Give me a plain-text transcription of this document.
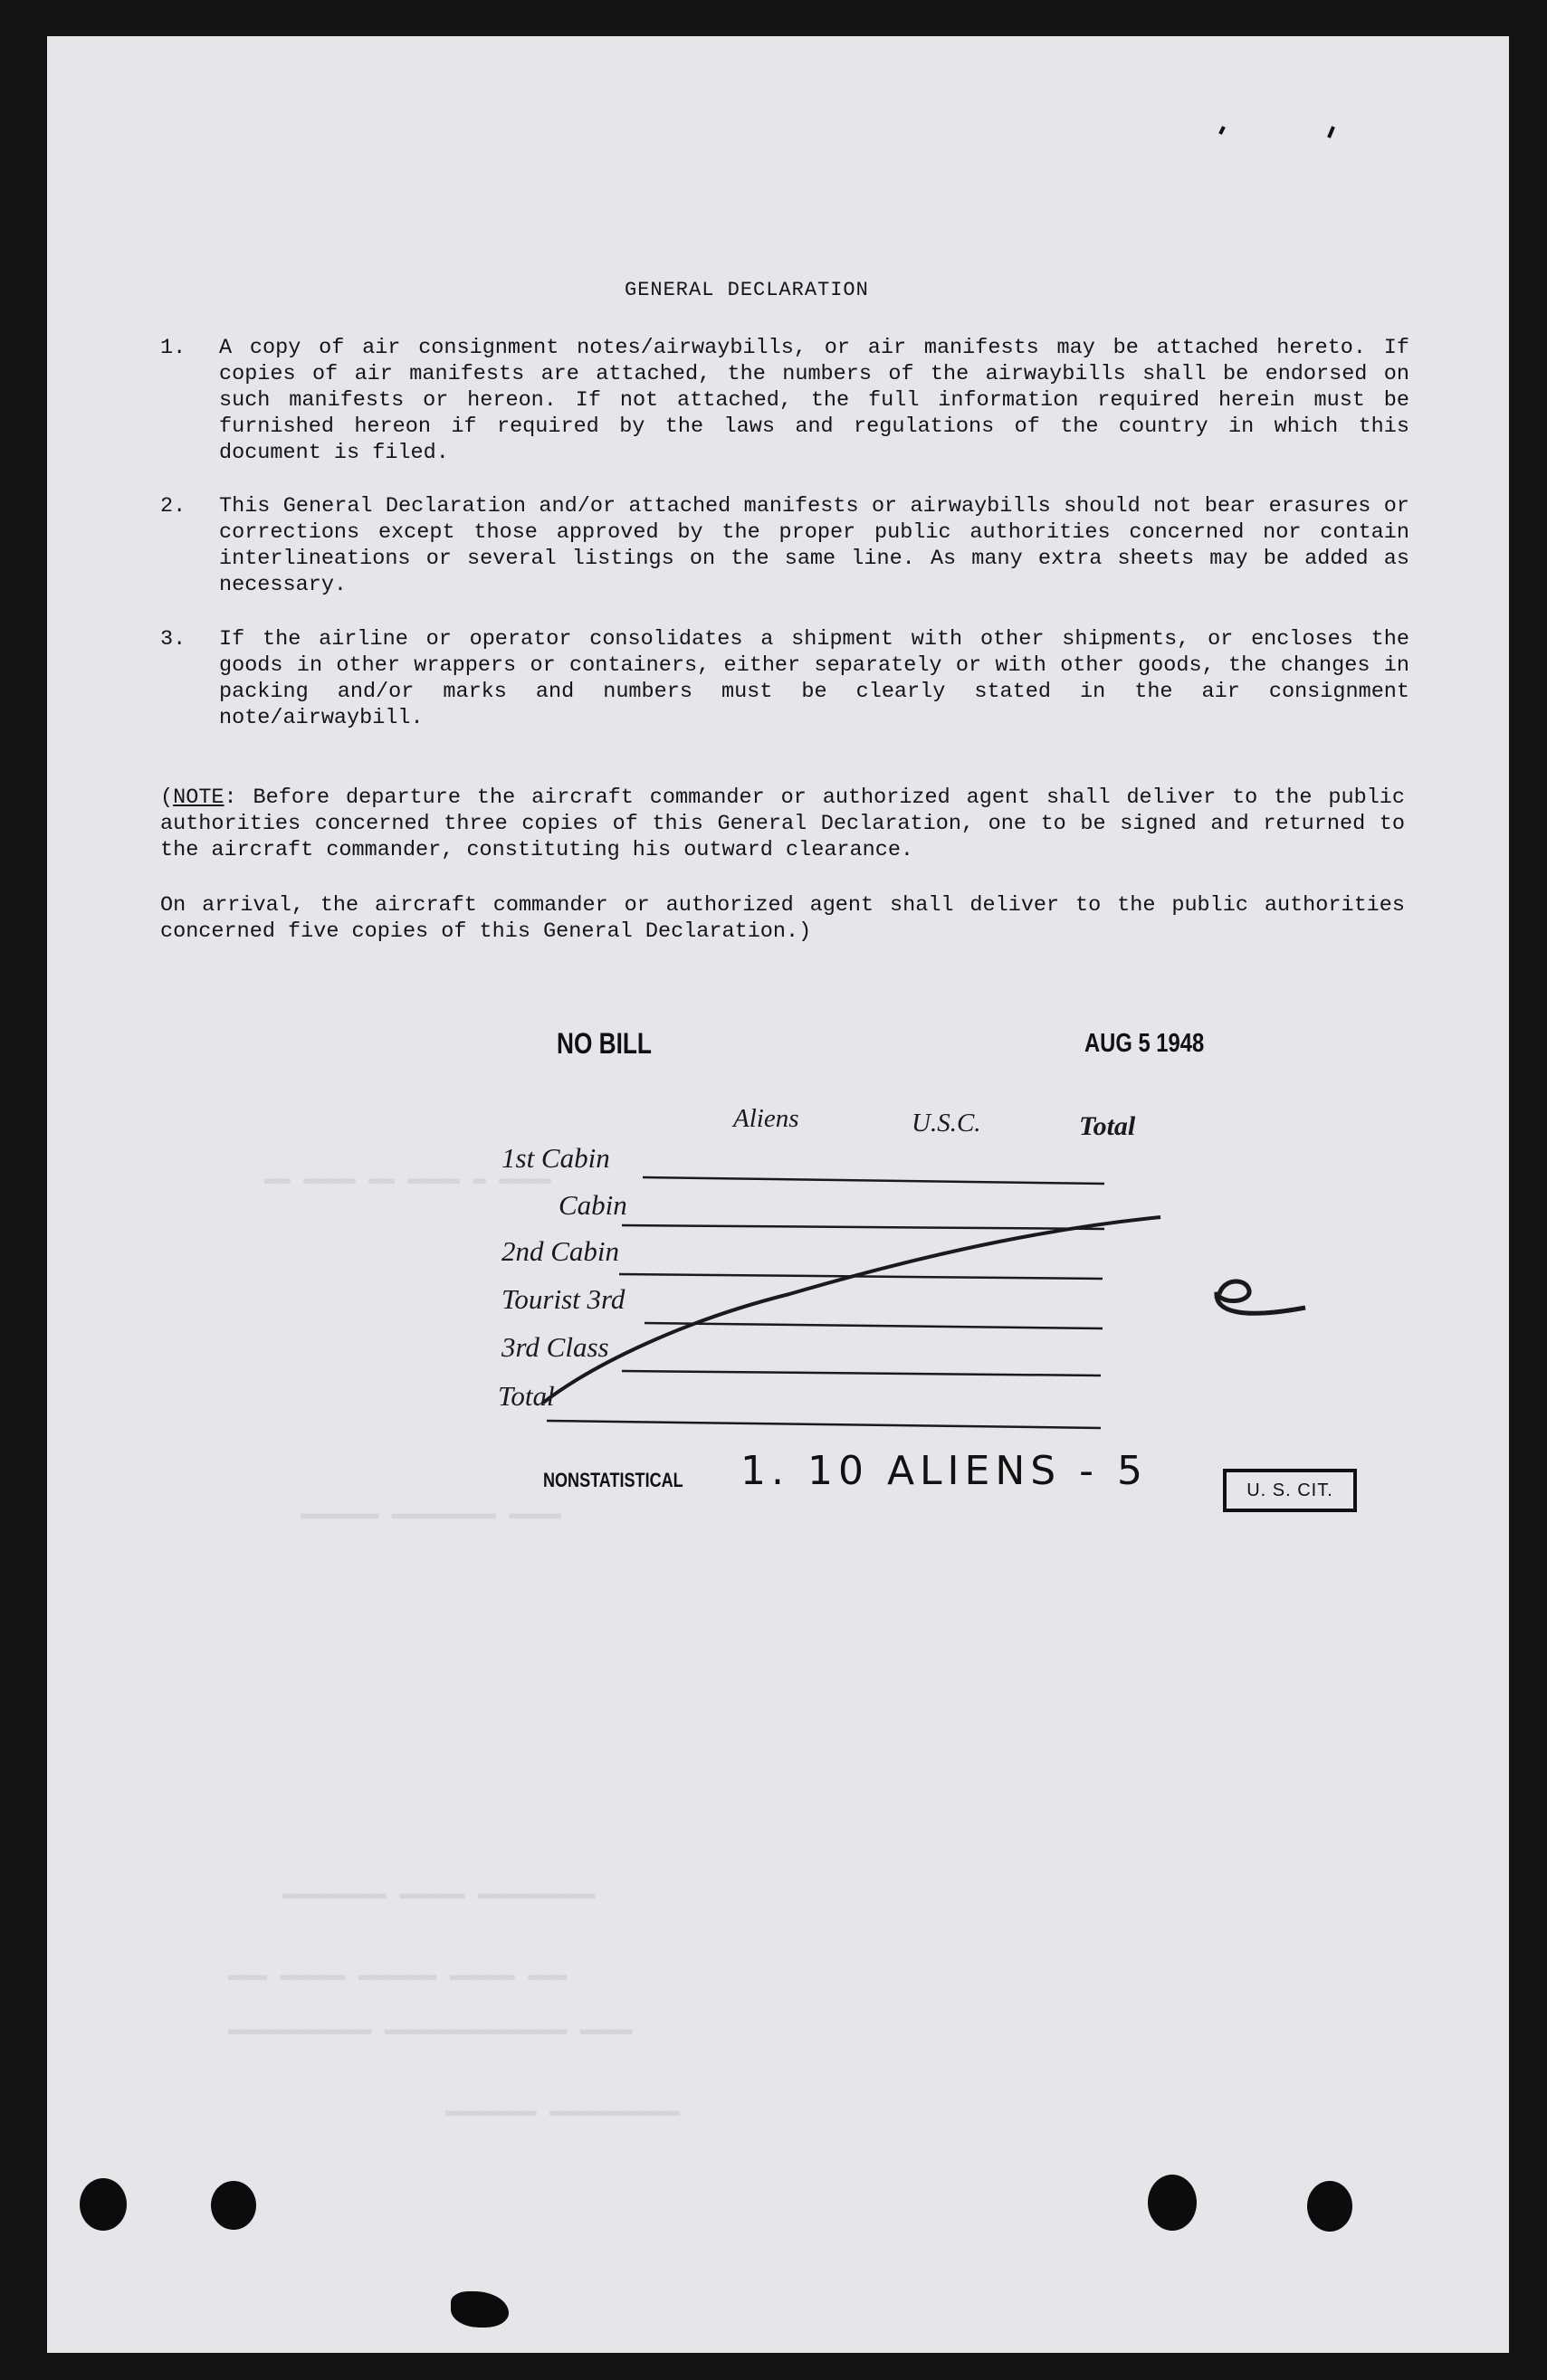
▬▬ ▬▬▬▬ ▬▬ ▬▬▬▬ ▬ ▬▬▬▬
▬▬▬▬▬▬ ▬▬▬▬▬▬▬▬ ▬▬▬▬
▬▬▬▬▬▬▬▬ ▬▬▬▬▬ ▬▬▬▬▬▬▬▬▬
▬▬▬ ▬▬▬▬▬ ▬▬▬▬▬▬ ▬▬▬▬▬ ▬▬▬
▬▬▬▬▬▬▬▬▬▬▬ ▬▬▬▬▬▬▬▬▬▬▬▬▬▬ ▬▬▬▬
▬▬▬▬▬▬▬ ▬▬▬▬▬▬▬▬▬▬
GENERAL DECLARATION
1. A copy of air consignment notes/airwaybills, or air manifests may be attached hereto. If copies of air manifests are attached, the numbers of the airwaybills shall be endorsed on such manifests or hereon. If not attached, the full information required herein must be furnished hereon if required by the laws and regulations of the country in which this document is filed.
2. This General Declaration and/or attached manifests or airwaybills should not bear erasures or corrections except those approved by the proper public authorities concerned nor contain interlineations or several listings on the same line. As many extra sheets may be added as necessary.
3. If the airline or operator consolidates a shipment with other shipments, or encloses the goods in other wrappers or containers, either separately or with other goods, the changes in packing and/or marks and numbers must be clearly stated in the air consignment note/airwaybill.
(NOTE: Before departure the aircraft commander or authorized agent shall deliver to the public authorities concerned three copies of this General Declaration, one to be signed and returned to the aircraft commander, constituting his outward clearance.
On arrival, the aircraft commander or authorized agent shall deliver to the public authorities concerned five copies of this General Declaration.)
NO BILL	AUG 5 1948
Aliens	U.S.C.	Total
1st Cabin
Cabin
2nd Cabin
Tourist 3rd
3rd Class
Total
NONSTATISTICAL 1. 10 ALIENS - 5	U. S. CIT.
